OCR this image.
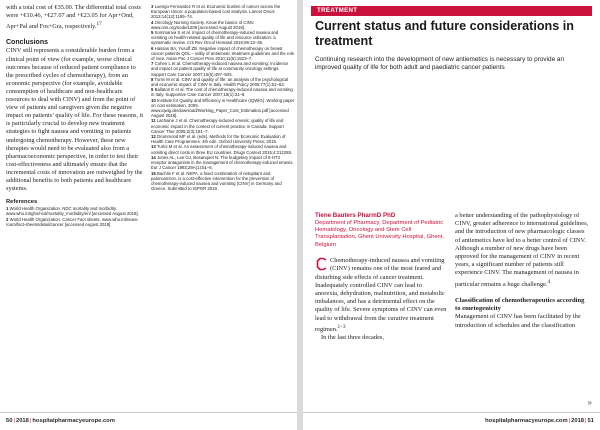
with a total cost of €35.00. The differential total costs were +€10.46, +€27.07 and +€23.05 for Apr+Ond, Apr+Pal and Fos+Gra, respectively.$^{17}$

Conclusions

CINV still represents a considerable burden from a clinical point of view (for example, worse clinical outcomes because of reduced patient compliance to the prescribed cycles of chemotherapy), from an economic perspective (for example, avoidable consumption of healthcare and non-healthcare resources to deal with CINV) and from the point of view of patients and caregivers given the negative impact on patients’ quality of life. For these reasons, it is particularly crucial to develop new treatment strategies to fight nausea and vomiting in patients undergoing chemotherapy. However, these new therapies would need to be evaluated also from a pharmacoeconomic perspective, in order to test their cost-effectiveness and ultimately ensure that the incremental costs of innovation are outweighed by the additional benefits to both patients and healthcare systems.

References
1 World Health Organization. NDC mortality and morbidity. www.who.int/gho/ncd/mortality_morbidity/en/ [accessed August 2018].
2 World Health Organization. Cancer Fact sheets. www.who.int/news-room/fact-sheets/detail/cancer [accessed August 2018].
3 Luengo-Fernandez R et al. Economic burden of cancer across the European Union: a population-based cost analysis. Lancet Oncol 2013;14(12):1165–74.
4 Oncology Nursing Society. Know the basics of CINV. www.ons.org/node/1209 [accessed August 2018].
5 Sommariva S et al. Impact of chemotherapy-induced nausea and vomiting on health-related quality of life and resource utilization: a systematic review. Crit Rev Oncol Hematol 2016;99:13–36.
6 Hassan BA, Yusoff ZB. Negative impact of chemotherapy on breast cancer patients QOL – utility of antiemetic treatment guidelines and the role of race. Asian Pac J Cancer Prev 2010;11(6):1523–7.
7 Cohen L et al. Chemotherapy-induced nausea and vomiting: incidence and impact on patient quality of life at community oncology settings. Support Care Cancer 2007;15(5):497–503.
8 Turini M et al. CINV and quality of life: an analysis of the psychological and economic impact of CINV in Italy. Health Policy 2006;77(1):51–63.
9 Ballatori E et al. The cost of chemotherapy-induced nausea and vomiting in Italy. Supportive Care Cancer 2007;15(1):31–8.
10 Institute for Quality and Efficiency in Healthcare (IQWiG). Working paper on cost estimation, 2009. www.iqwig.de/download/Working_Paper_Cost_Estimation.pdf [accessed August 2018].
11 Lachaine J et al. Chemotherapy-induced emesis: quality of life and economic impact in the context of current practice in Canada. Support Cancer Ther 2005;2(3):181–7.
12 Drummond MF et al. (eds). Methods for the Economic Evaluation of Health Care Programmes. 4th edn. Oxford University Press; 2015.
13 Turini M et al. An assessment of chemotherapy-induced nausea and vomiting direct costs in three EU countries. Drugs Context 2015;4:212285.
14 Jones AL, Lee GJ, Bosanquet N. The budgetary impact of 5-HT3 receptor antagonists in the management of chemotherapy-induced emesis. Eur J Cancer 1993;29A(1):51–6.
15 Bachlis F et al. NEPA, a fixed combination of netupitant and palonosetron, is a cost-effective intervention for the prevention of chemotherapy-induced nausea and vomiting (CINV) in Germany and Greece. Submitted to ISPOR 2018.
50|2018|hospitalpharmacyeurope.com
TREATMENT
Current status and future considerations in treatment
Continuing research into the development of new antiemetics is necessary to provide an improved quality of life for both adult and paediatric cancer patients
Tiene Bauters PharmD PhD
Department of Pharmacy, Department of Pediatric Hematology, Oncology and Stem Cell Transplantation, Ghent University Hospital, Ghent, Belgium

Chemotherapy-induced nausea and vomiting (CINV) remains one of the most feared and disturbing side effects of cancer treatment. Inadequately controlled CINV can lead to anorexia, dehydration, malnutrition, and metabolic imbalances, and has a detrimental effect on the quality of life. Severe symptoms of CINV can even lead to withdrawal from the curative treatment regimen.$^{1-3}$

In the last three decades,

a better understanding of the pathophysiology of CINV, greater adherence to international guidelines, and the introduction of new pharmacologic classes of antiemetics have led to a better control of CINV. Although a number of new drugs have been approved for the management of CINV in recent years, a significant number of patients still experience CINV. The management of nausea in particular remains a huge challenge.$^4$

Classification of chemotherapeutics according to emetogenicity

Management of CINV has been facilitated by the introduction of schedules and the classification

»
hospitalpharmacyeurope.com|2018|51
